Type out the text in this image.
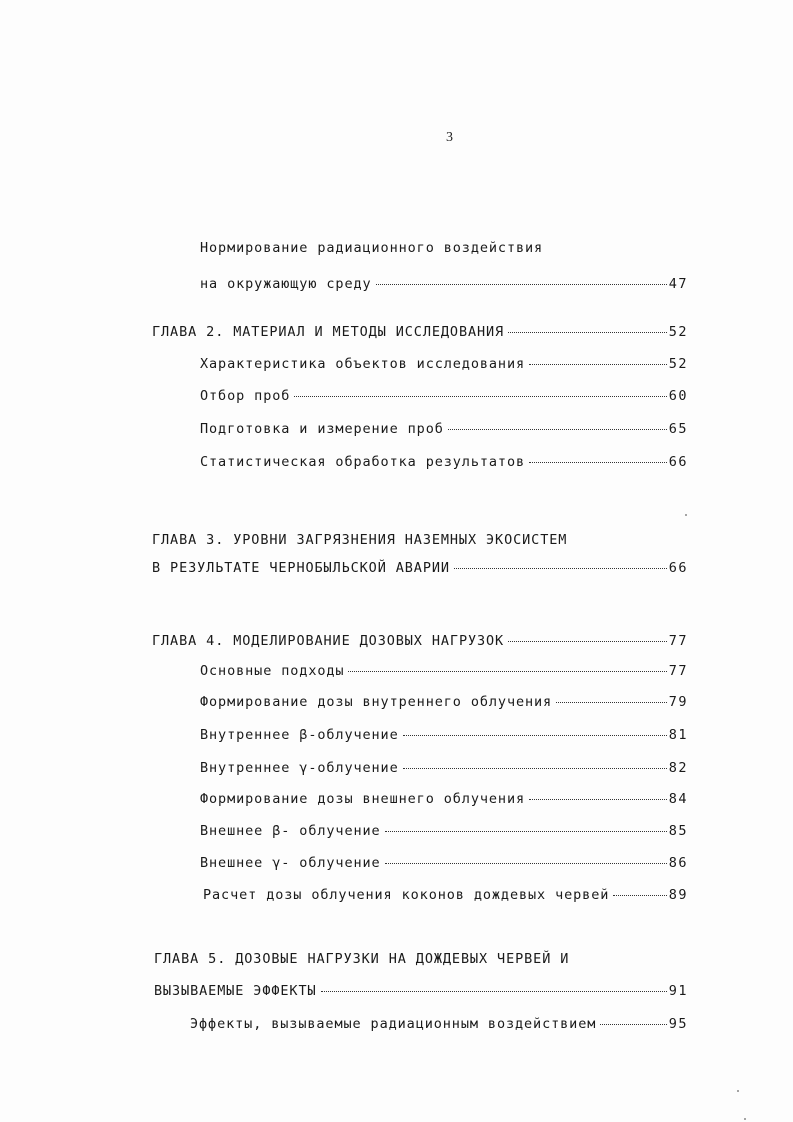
3
Нормирование радиационного воздействия
на окружающую среду	47
ГЛАВА 2. МАТЕРИАЛ И МЕТОДЫ ИССЛЕДОВАНИЯ	52
Характеристика объектов исследования	52
Отбор проб	60
Подготовка и измерение проб	65
Статистическая обработка результатов	66
ГЛАВА 3. УРОВНИ ЗАГРЯЗНЕНИЯ НАЗЕМНЫХ ЭКОСИСТЕМ
В РЕЗУЛЬТАТЕ ЧЕРНОБЫЛЬСКОЙ АВАРИИ	66
ГЛАВА 4. МОДЕЛИРОВАНИЕ ДОЗОВЫХ НАГРУЗОК	77
Основные подходы	77
Формирование дозы внутреннего облучения	79
Внутреннее β-облучение	81
Внутреннее γ-облучение	82
Формирование дозы внешнего облучения	84
Внешнее β- облучение	85
Внешнее γ- облучение	86
Расчет дозы облучения коконов дождевых червей	89
ГЛАВА 5. ДОЗОВЫЕ НАГРУЗКИ НА ДОЖДЕВЫХ ЧЕРВЕЙ И
ВЫЗЫВАЕМЫЕ ЭФФЕКТЫ	91
Эффекты, вызываемые радиационным воздействием	95
